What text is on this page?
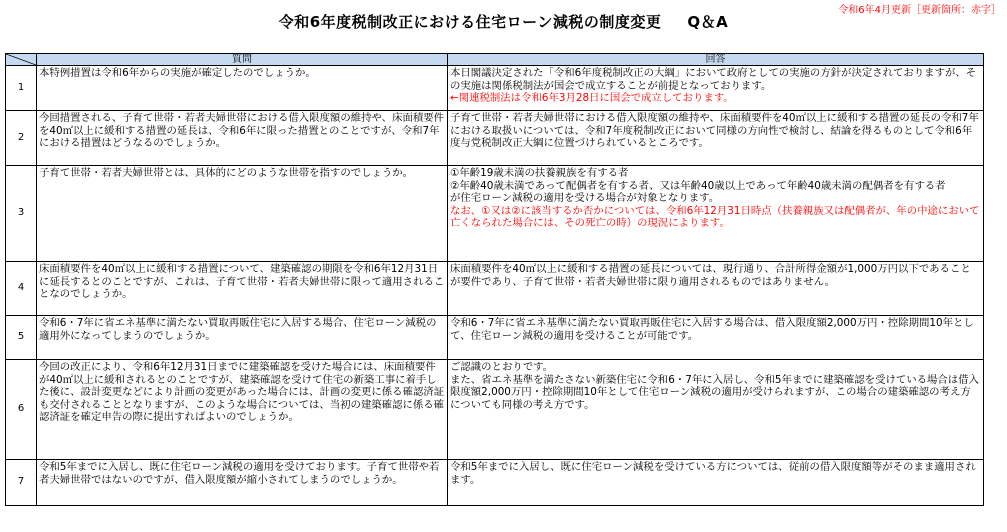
令和6年度税制改正における住宅ローン減税の制度変更 Q＆A
令和6年4月更新［更新箇所：赤字］
	質問	回答
1	本特例措置は令和6年からの実施が確定したのでしょうか。	本日閣議決定された「令和6年度税制改正の大綱」において政府としての実施の方針が決定されておりますが、その実施は関係税制法が国会で成立することが前提となっております。
←関連税制法は令和6年3月28日に国会で成立しております。

2	今回措置される、子育て世帯・若者夫婦世帯における借入限度額の維持や、床面積要件を40㎡以上に緩和する措置の延長は、令和6年に限った措置とのことですが、令和7年における措置はどうなるのでしょうか。	子育て世帯・若者夫婦世帯における借入限度額の維持や、床面積要件を40㎡以上に緩和する措置の延長の令和7年における取扱いについては、令和7年度税制改正において同様の方向性で検討し、結論を得るものとして令和6年度与党税制改正大綱に位置づけられているところです。
3	子育て世帯・若者夫婦世帯とは、具体的にどのような世帯を指すのでしょうか。	①年齢19歳未満の扶養親族を有する者
②年齢40歳未満であって配偶者を有する者、又は年齢40歳以上であって年齢40歳未満の配偶者を有する者
が住宅ローン減税の適用を受ける場合が対象となります。
なお、①又は②に該当するか否かについては、令和6年12月31日時点（扶養親族又は配偶者が、年の中途において亡くなられた場合には、その死亡の時）の現況によります。

4	床面積要件を40㎡以上に緩和する措置について、建築確認の期限を令和6年12月31日に延長するとのことですが、これは、子育て世帯・若者夫婦世帯に限って適用されることなのでしょうか。	床面積要件を40㎡以上に緩和する措置の延長については、現行通り、合計所得金額が1,000万円以下であることが要件であり、子育て世帯・若者夫婦世帯に限り適用されるものではありません。
5	令和6・7年に省エネ基準に満たない買取再販住宅に入居する場合、住宅ローン減税の適用外になってしまうのでしょうか。	令和6・7年に省エネ基準に満たない買取再販住宅に入居する場合は、借入限度額2,000万円・控除期間10年として、住宅ローン減税の適用を受けることが可能です。
6	今回の改正により、令和6年12月31日までに建築確認を受けた場合には、床面積要件が40㎡以上に緩和されるとのことですが、建築確認を受けて住宅の新築工事に着手した後に、設計変更などにより計画の変更があった場合には、計画の変更に係る確認済証も交付されることとなりますが、このような場合については、当初の建築確認に係る確認済証を確定申告の際に提出すればよいのでしょうか。	ご認識のとおりです。
また、省エネ基準を満たさない新築住宅に令和6・7年に入居し、令和5年までに建築確認を受けている場合は借入限度額2,000万円・控除期間10年として住宅ローン減税の適用が受けられますが、この場合の建築確認の考え方についても同様の考え方です。

7	令和5年までに入居し、既に住宅ローン減税の適用を受けております。子育て世帯や若者夫婦世帯ではないのですが、借入限度額が縮小されてしまうのでしょうか。	令和5年までに入居し、既に住宅ローン減税を受けている方については、従前の借入限度額等がそのまま適用されます。
